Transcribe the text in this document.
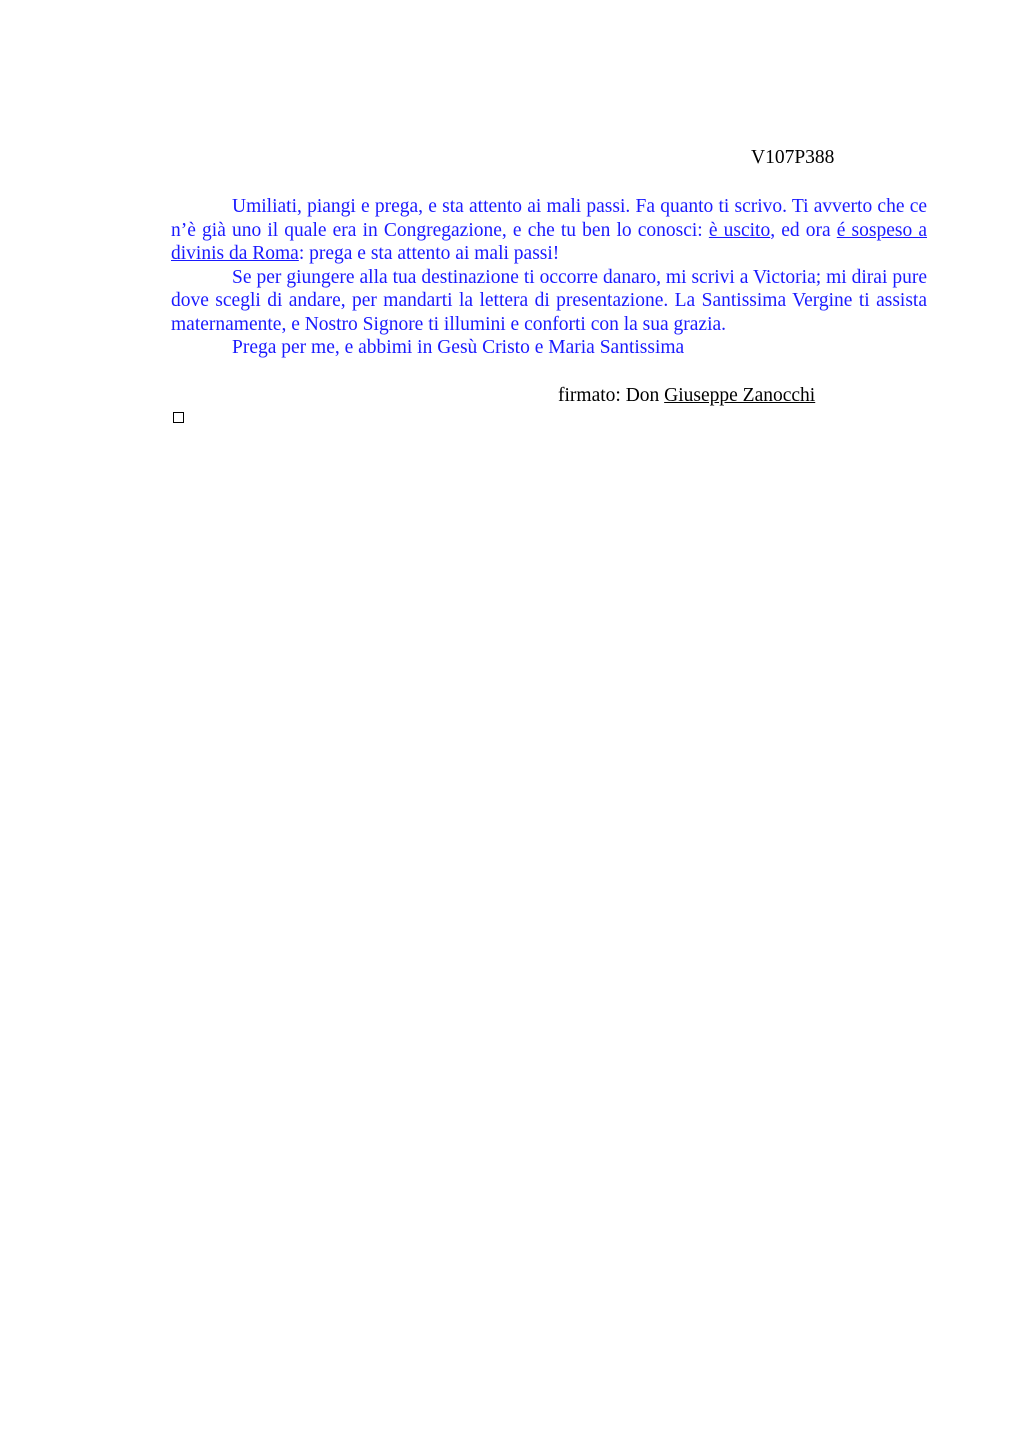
V107P388

Umiliati, piangi e prega, e sta attento ai mali passi. Fa quanto ti scrivo. Ti avverto che ce n’è già uno il quale era in Congregazione, e che tu ben lo conosci: è uscito, ed ora é sospeso a divinis da Roma: prega e sta attento ai mali passi!

Se per giungere alla tua destinazione ti occorre danaro, mi scrivi a Victoria; mi dirai pure dove scegli di andare, per mandarti la lettera di presentazione. La Santissima Vergine ti assista maternamente, e Nostro Signore ti illumini e conforti con la sua grazia.

Prega per me, e abbimi in Gesù Cristo e Maria Santissima

firmato: Don Giuseppe Zanocchi
